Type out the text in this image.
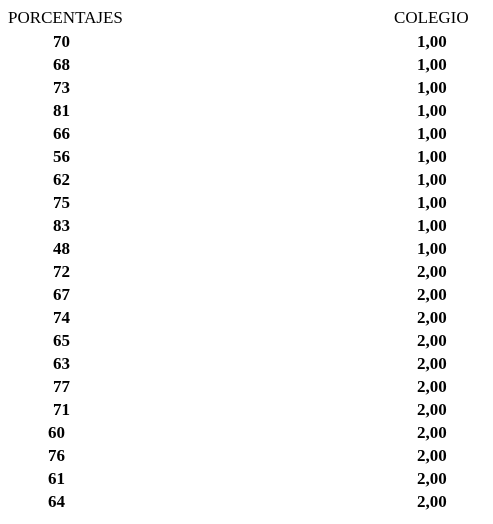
PORCENTAJES	COLEGIO
70	1,00
68	1,00
73	1,00
81	1,00
66	1,00
56	1,00
62	1,00
75	1,00
83	1,00
48	1,00
72	2,00
67	2,00
74	2,00
65	2,00
63	2,00
77	2,00
71	2,00
60	2,00
76	2,00
61	2,00
64	2,00
